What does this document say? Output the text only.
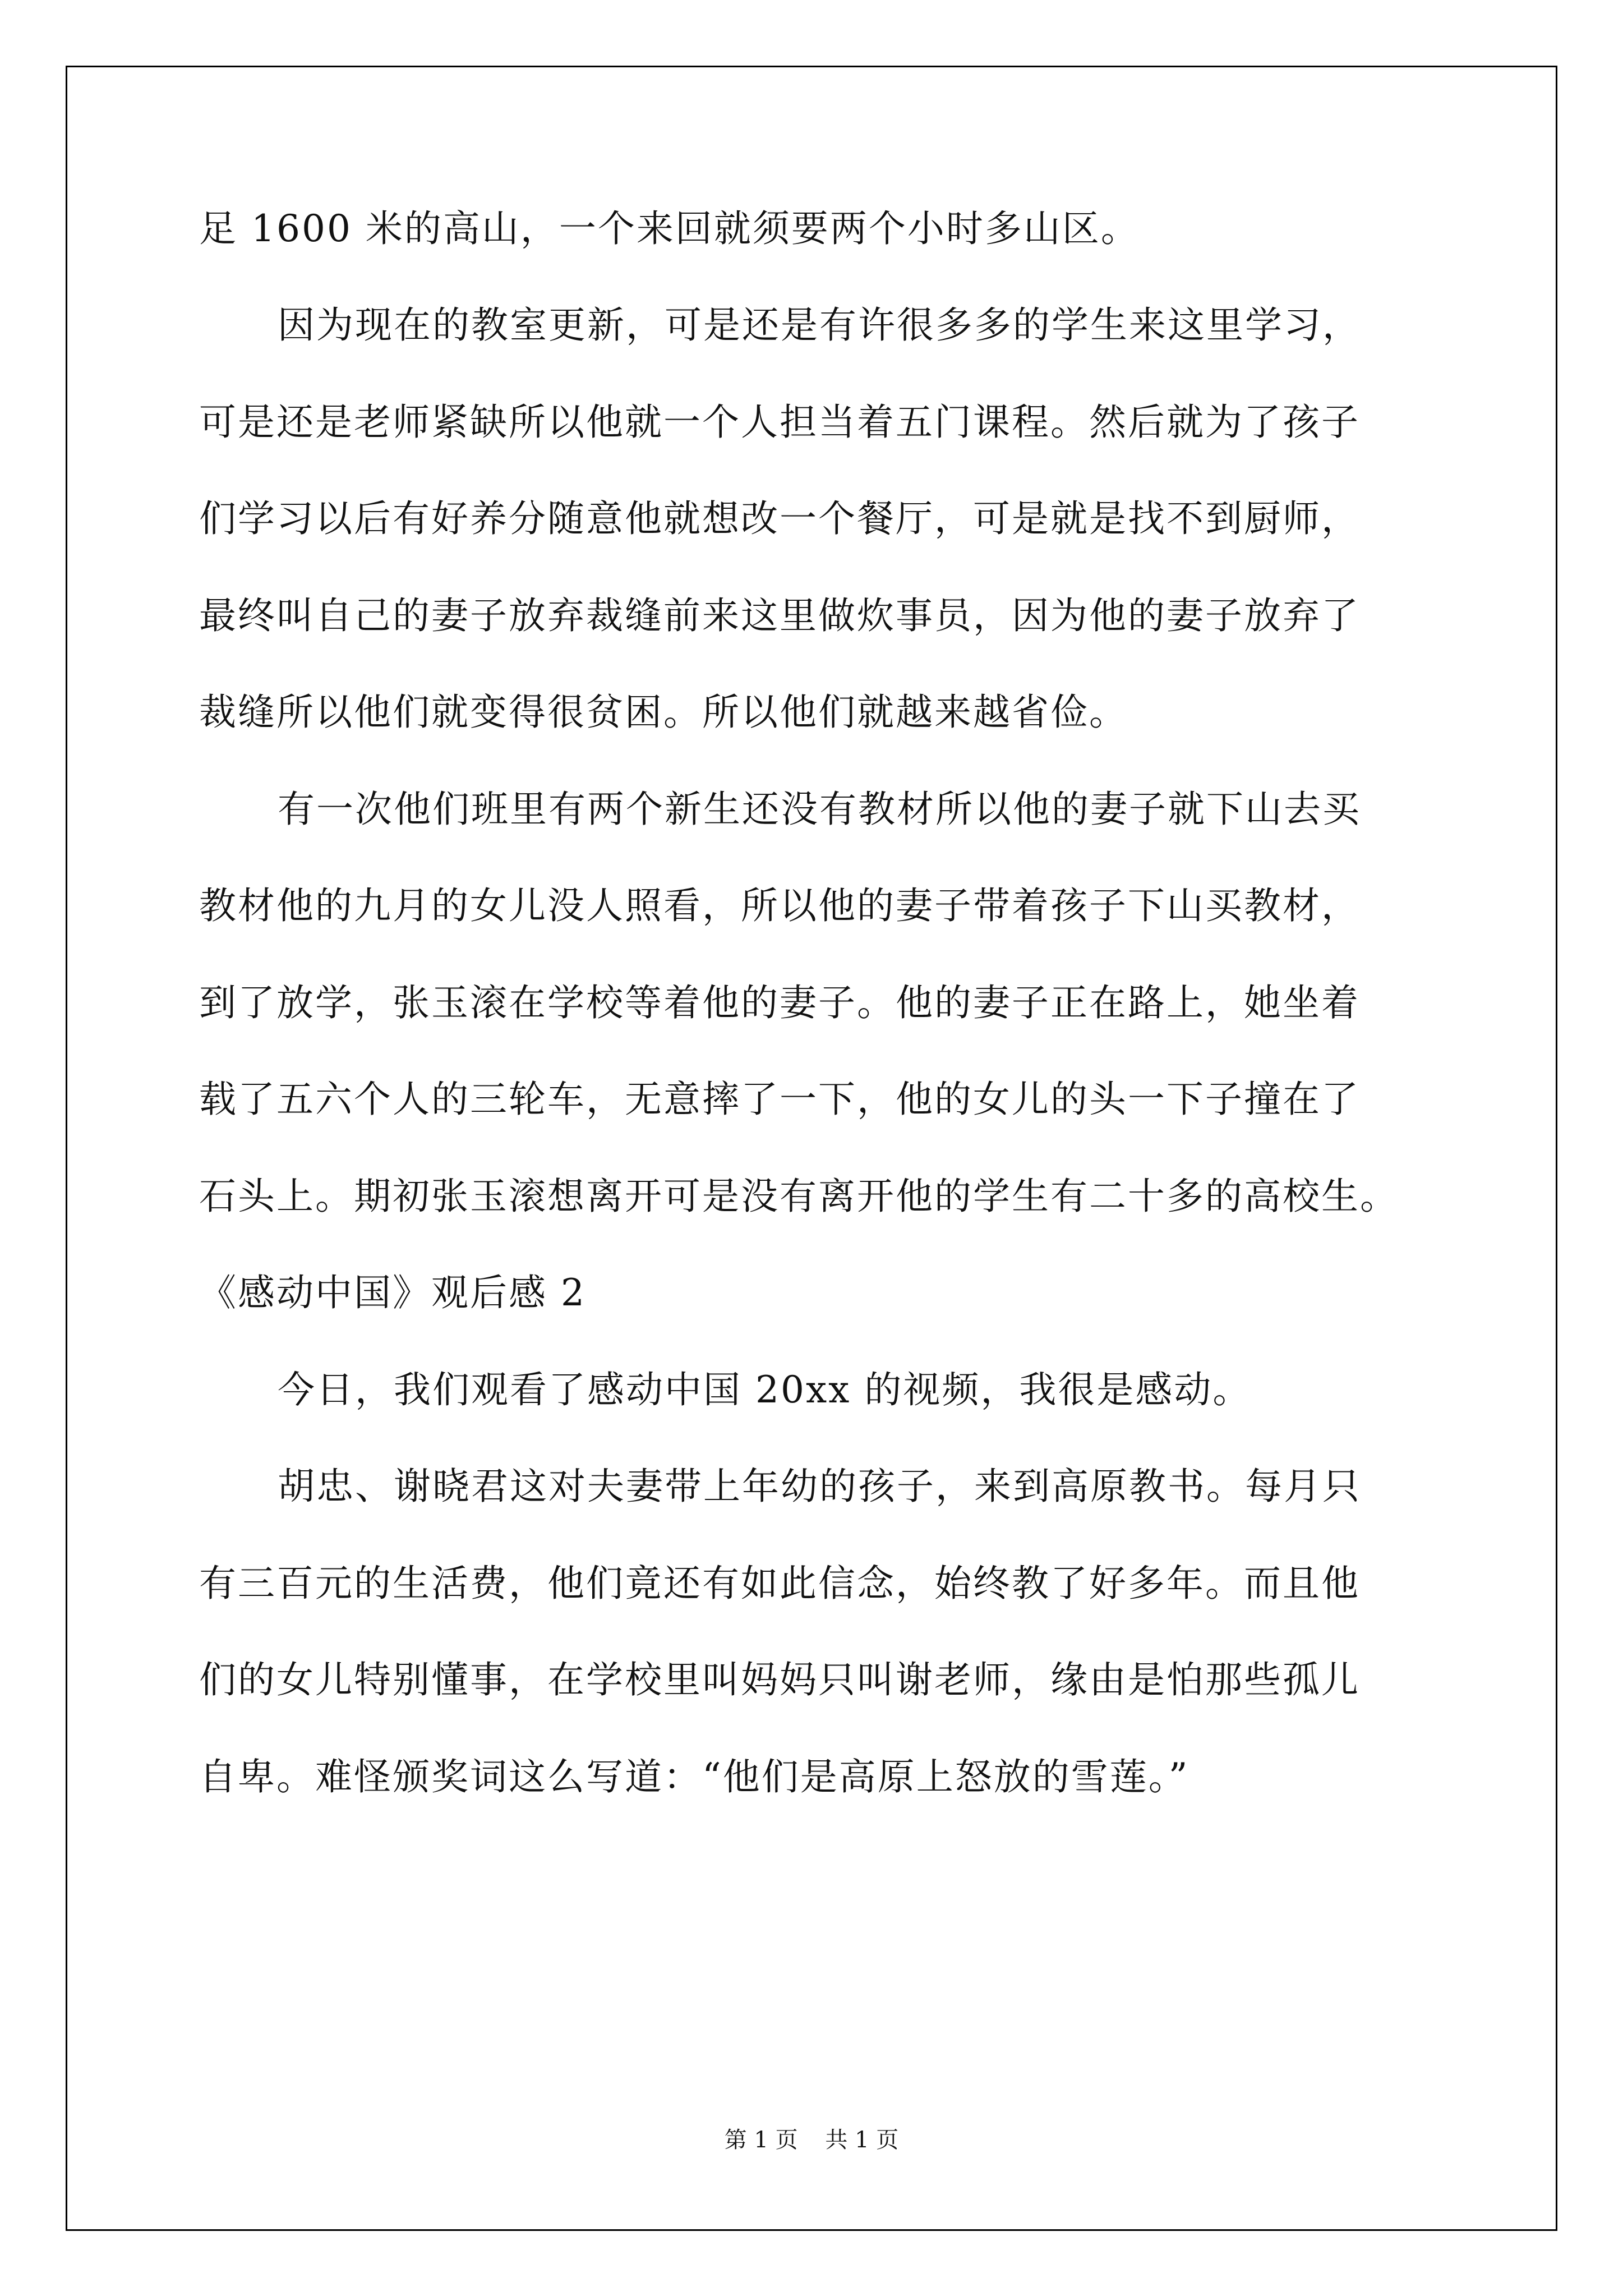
足 1600 米的高山，一个来回就须要两个小时多山区。
因为现在的教室更新，可是还是有许很多多的学生来这里学习，
可是还是老师紧缺所以他就一个人担当着五门课程。然后就为了孩子
们学习以后有好养分随意他就想改一个餐厅，可是就是找不到厨师，
最终叫自己的妻子放弃裁缝前来这里做炊事员，因为他的妻子放弃了
裁缝所以他们就变得很贫困。所以他们就越来越省俭。
有一次他们班里有两个新生还没有教材所以他的妻子就下山去买
教材他的九月的女儿没人照看，所以他的妻子带着孩子下山买教材，
到了放学，张玉滚在学校等着他的妻子。他的妻子正在路上，她坐着
载了五六个人的三轮车，无意摔了一下，他的女儿的头一下子撞在了
石头上。期初张玉滚想离开可是没有离开他的学生有二十多的高校生。
《感动中国》观后感 2
今日，我们观看了感动中国 20xx 的视频，我很是感动。
胡忠、谢晓君这对夫妻带上年幼的孩子，来到高原教书。每月只
有三百元的生活费，他们竟还有如此信念，始终教了好多年。而且他
们的女儿特别懂事，在学校里叫妈妈只叫谢老师，缘由是怕那些孤儿
自卑。难怪颁奖词这么写道：“他们是高原上怒放的雪莲。”
第 1 页 共 1 页
